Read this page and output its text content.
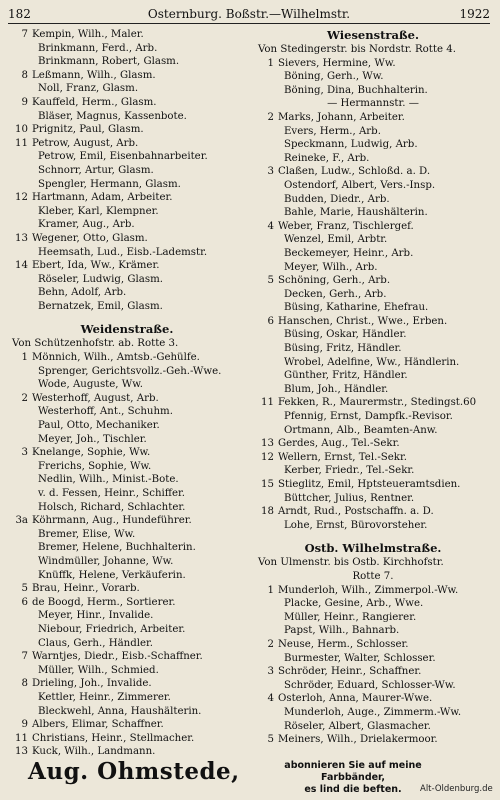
182	Osternburg. Boßstr.—Wilhelmstr.	1922
7 Kempin, Wilh., Maler.
Brinkmann, Ferd., Arb.
Brinkmann, Robert, Glasm.
8 Leßmann, Wilh., Glasm.
Noll, Franz, Glasm.
9 Kauffeld, Herm., Glasm.
Bläser, Magnus, Kassenbote.
10 Prignitz, Paul, Glasm.
11 Petrow, August, Arb.
Petrow, Emil, Eisenbahnarbeiter.
Schnorr, Artur, Glasm.
Spengler, Hermann, Glasm.
12 Hartmann, Adam, Arbeiter.
Kleber, Karl, Klempner.
Kramer, Aug., Arb.
13 Wegener, Otto, Glasm.
Heemsath, Lud., Eisb.-Lademstr.
14 Ebert, Ida, Ww., Krämer.
Röseler, Ludwig, Glasm.
Behn, Adolf, Arb.
Bernatzek, Emil, Glasm.
Weidenstraße.
Von Schützenhofstr. ab. Rotte 3.
1 Mönnich, Wilh., Amtsb.-Gehülfe.
Sprenger, Gerichtsvollz.-Geh.-Wwe.
Wode, Auguste, Ww.
2 Westerhoff, August, Arb.
Westerhoff, Ant., Schuhm.
Paul, Otto, Mechaniker.
Meyer, Joh., Tischler.
3 Knelange, Sophie, Ww.
Frerichs, Sophie, Ww.
Nedlin, Wilh., Minist.-Bote.
v. d. Fessen, Heinr., Schiffer.
Holsch, Richard, Schlachter.
3a Köhrmann, Aug., Hundeführer.
Bremer, Elise, Ww.
Bremer, Helene, Buchhalterin.
Windmüller, Johanne, Ww.
Knüffk, Helene, Verkäuferin.
5 Brau, Heinr., Vorarb.
6 de Boogd, Herm., Sortierer.
Meyer, Hinr., Invalide.
Niebour, Friedrich, Arbeiter.
Claus, Gerh., Händler.
7 Warntjes, Diedr., Eisb.-Schaffner.
Müller, Wilh., Schmied.
8 Drieling, Joh., Invalide.
Kettler, Heinr., Zimmerer.
Bleckwehl, Anna, Haushälterin.
9 Albers, Elimar, Schaffner.
11 Christians, Heinr., Stellmacher.
13 Kuck, Wilh., Landmann.
Wiesenstraße.
Von Stedingerstr. bis Nordstr. Rotte 4.
1 Sievers, Hermine, Ww.
Böning, Gerh., Ww.
Böning, Dina, Buchhalterin.
— Hermannstr. —
2 Marks, Johann, Arbeiter.
Evers, Herm., Arb.
Speckmann, Ludwig, Arb.
Reineke, F., Arb.
3 Claßen, Ludw., Schloßd. a. D.
Ostendorf, Albert, Vers.-Insp.
Budden, Diedr., Arb.
Bahle, Marie, Haushälterin.
4 Weber, Franz, Tischlergef.
Wenzel, Emil, Arbtr.
Beckemeyer, Heinr., Arb.
Meyer, Wilh., Arb.
5 Schöning, Gerh., Arb.
Decken, Gerh., Arb.
Büsing, Katharine, Ehefrau.
6 Hanschen, Christ., Wwe., Erben.
Büsing, Oskar, Händler.
Büsing, Fritz, Händler.
Wrobel, Adelfine, Ww., Händlerin.
Günther, Fritz, Händler.
Blum, Joh., Händler.
11 Fekken, R., Maurermstr., Stedingst.60
Pfennig, Ernst, Dampfk.-Revisor.
Ortmann, Alb., Beamten-Anw.
13 Gerdes, Aug., Tel.-Sekr.
12 Wellern, Ernst, Tel.-Sekr.
Kerber, Friedr., Tel.-Sekr.
15 Stieglitz, Emil, Hptsteueramtsdien.
Büttcher, Julius, Rentner.
18 Arndt, Rud., Postschaffn. a. D.
Lohe, Ernst, Bürovorsteher.
Ostb. Wilhelmstraße.
Von Ulmenstr. bis Ostb. Kirchhofstr.
Rotte 7.
1 Munderloh, Wilh., Zimmerpol.-Ww.
Placke, Gesine, Arb., Wwe.
Müller, Heinr., Rangierer.
Papst, Wilh., Bahnarb.
2 Neuse, Herm., Schlosser.
Burmester, Walter, Schlosser.
3 Schröder, Heinr., Schaffner.
Schröder, Eduard, Schlosser-Ww.
4 Osterloh, Anna, Maurer-Wwe.
Munderloh, Auge., Zimmerm.-Ww.
Röseler, Albert, Glasmacher.
5 Meiners, Wilh., Drielakermoor.
Aug. Ohmstede,	abonnieren Sie auf meine Farbbänder,
es lind die beften.	Alt-Oldenburg.de
